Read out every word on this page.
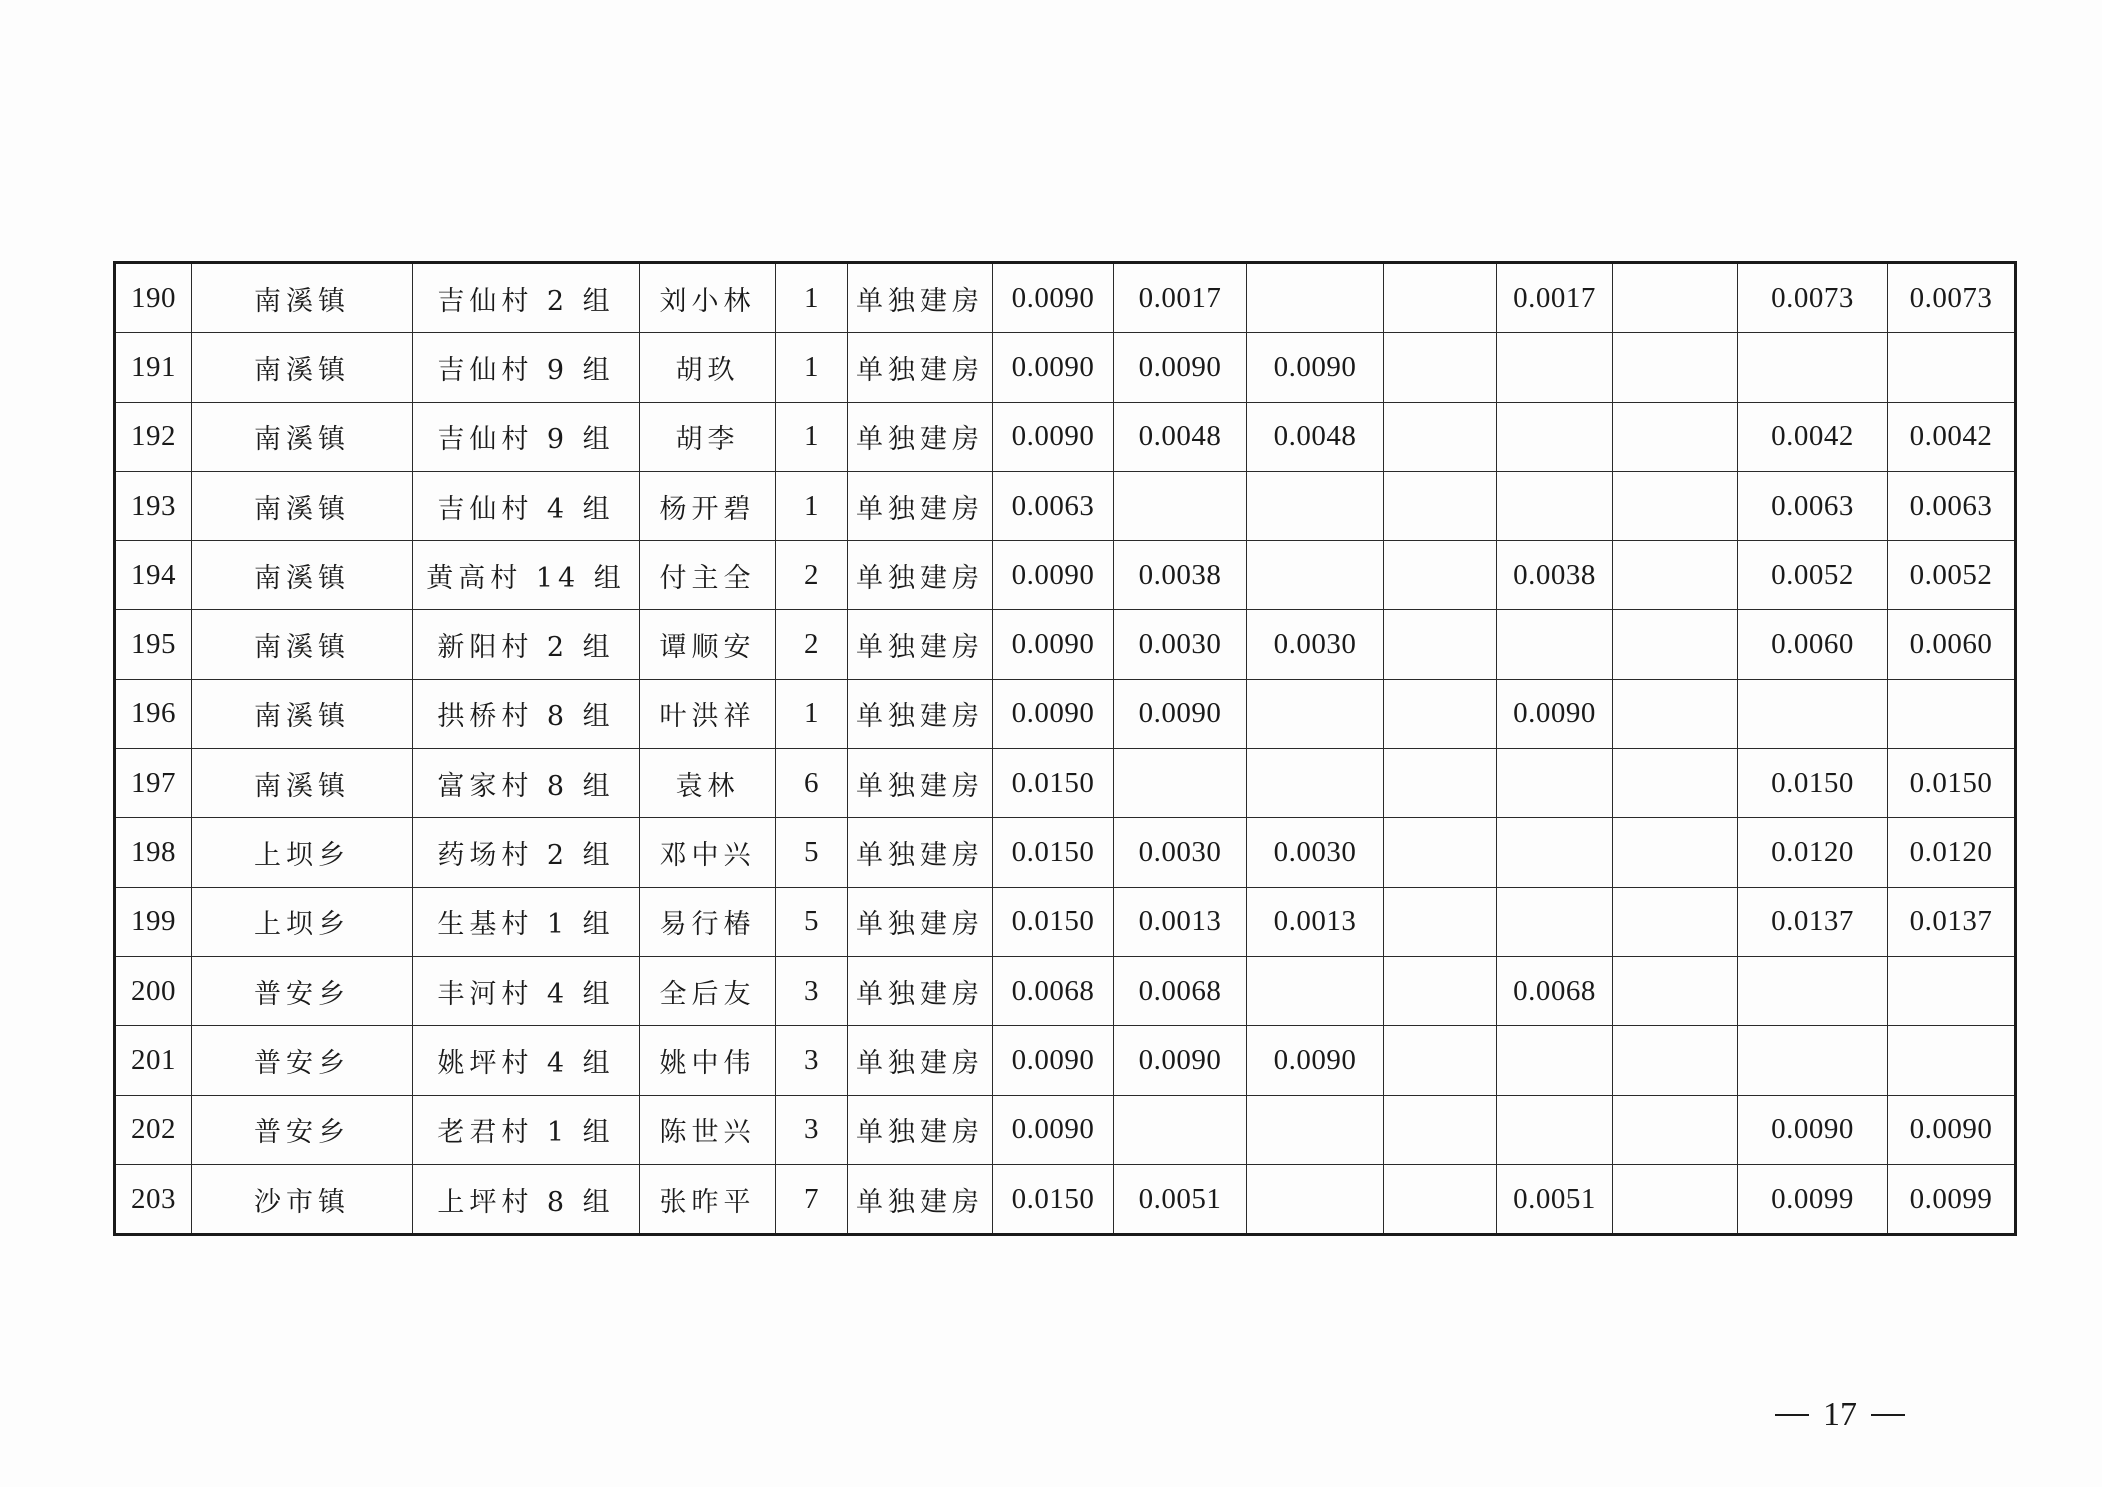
190	南溪镇	吉仙村 2 组	刘小林	1	单独建房	0.0090	0.0017			0.0017		0.0073	0.0073
191	南溪镇	吉仙村 9 组	胡玖	1	单独建房	0.0090	0.0090	0.0090					
192	南溪镇	吉仙村 9 组	胡李	1	单独建房	0.0090	0.0048	0.0048				0.0042	0.0042
193	南溪镇	吉仙村 4 组	杨开碧	1	单独建房	0.0063						0.0063	0.0063
194	南溪镇	黄高村 14 组	付主全	2	单独建房	0.0090	0.0038			0.0038		0.0052	0.0052
195	南溪镇	新阳村 2 组	谭顺安	2	单独建房	0.0090	0.0030	0.0030				0.0060	0.0060
196	南溪镇	拱桥村 8 组	叶洪祥	1	单独建房	0.0090	0.0090			0.0090			
197	南溪镇	富家村 8 组	袁林	6	单独建房	0.0150						0.0150	0.0150
198	上坝乡	药场村 2 组	邓中兴	5	单独建房	0.0150	0.0030	0.0030				0.0120	0.0120
199	上坝乡	生基村 1 组	易行椿	5	单独建房	0.0150	0.0013	0.0013				0.0137	0.0137
200	普安乡	丰河村 4 组	全后友	3	单独建房	0.0068	0.0068			0.0068			
201	普安乡	姚坪村 4 组	姚中伟	3	单独建房	0.0090	0.0090	0.0090					
202	普安乡	老君村 1 组	陈世兴	3	单独建房	0.0090						0.0090	0.0090
203	沙市镇	上坪村 8 组	张昨平	7	单独建房	0.0150	0.0051			0.0051		0.0099	0.0099
17
